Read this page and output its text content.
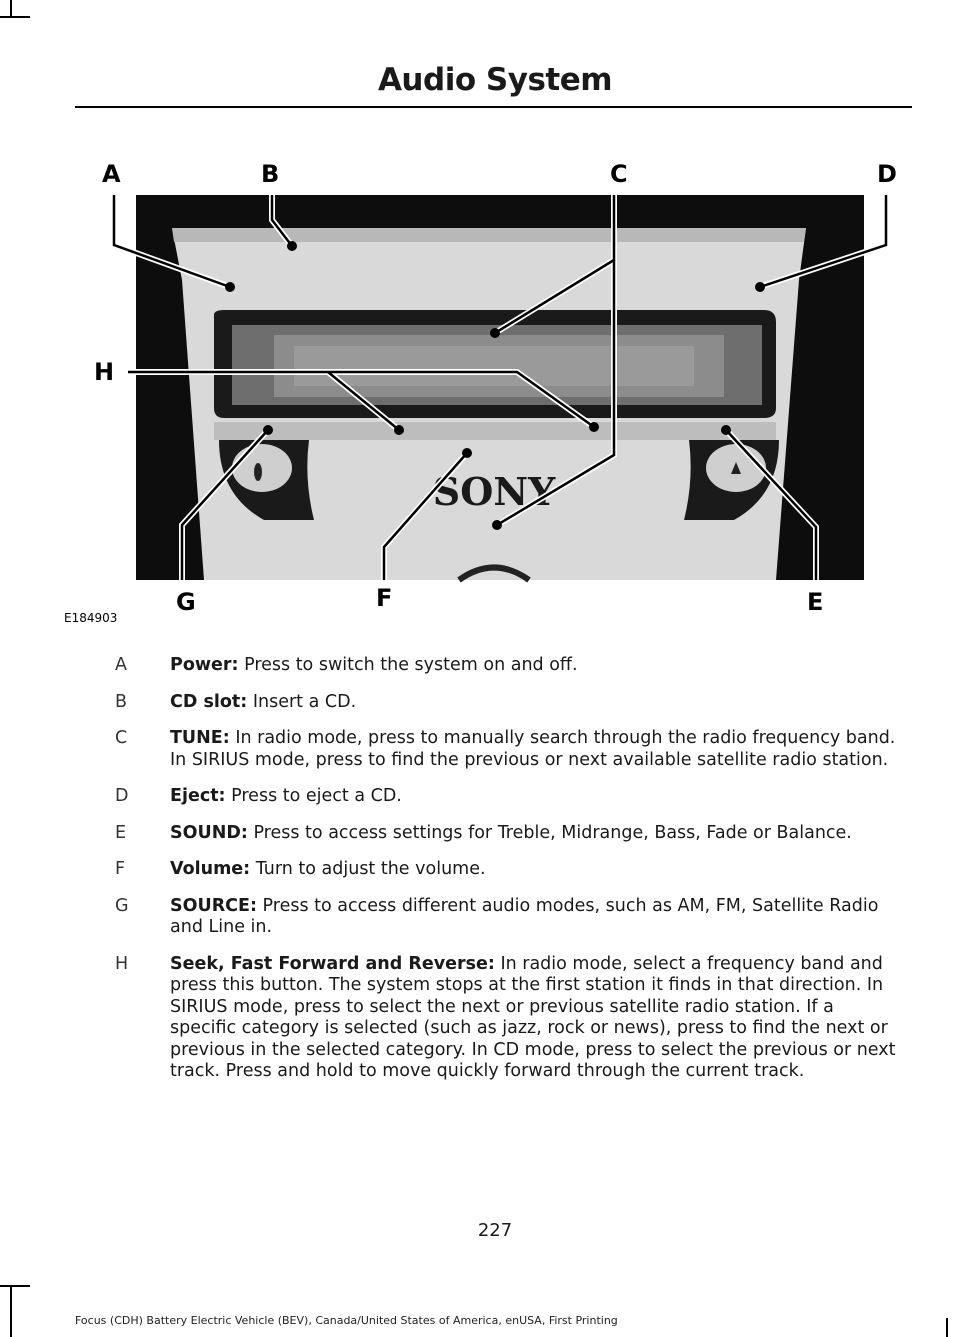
Audio System
SONY
A	B	C	D
E
F
G
H
E184903
A	Power: Press to switch the system on and off.
B	CD slot: Insert a CD.
C	TUNE: In radio mode, press to manually search through the radio frequency band. In SIRIUS mode, press to find the previous or next available satellite radio station.
D	Eject: Press to eject a CD.
E	SOUND: Press to access settings for Treble, Midrange, Bass, Fade or Balance.
F	Volume: Turn to adjust the volume.
G	SOURCE: Press to access different audio modes, such as AM, FM, Satellite Radio and Line in.
H	Seek, Fast Forward and Reverse: In radio mode, select a frequency band and press this button. The system stops at the first station it finds in that direction. In SIRIUS mode, press to select the next or previous satellite radio station. If a specific category is selected (such as jazz, rock or news), press to find the next or previous in the selected category. In CD mode, press to select the previous or next track. Press and hold to move quickly forward through the current track.
227
Focus (CDH) Battery Electric Vehicle (BEV), Canada/United States of America, enUSA, First Printing
